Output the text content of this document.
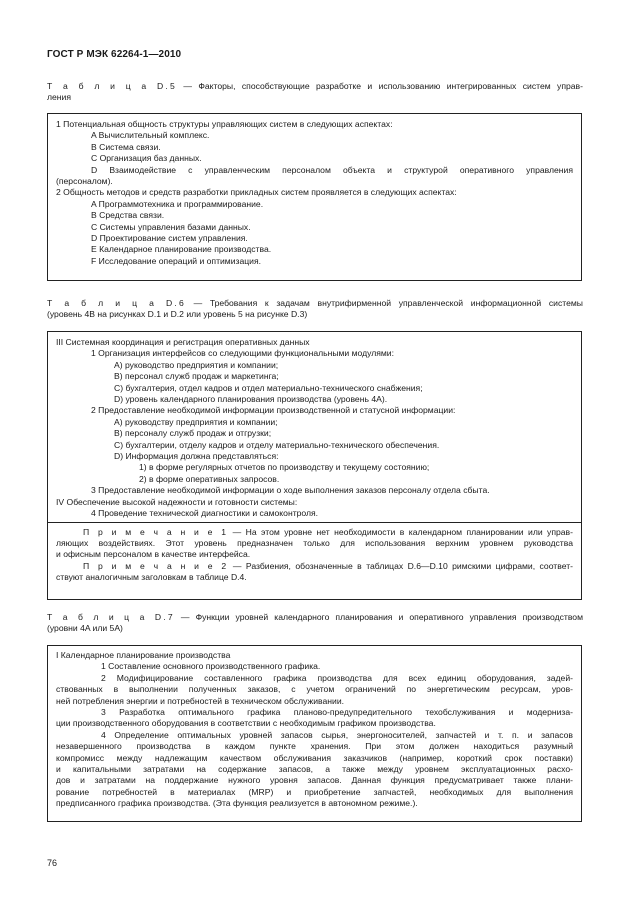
ГОСТ Р МЭК 62264-1—2010
Т а б л и ц а D.5 — Факторы, способствующие разработке и использованию интегрированных систем управ-
ления
1 Потенциальная общность структуры управляющих систем в следующих аспектах:
A Вычислительный комплекс.
B Система связи.
C Организация баз данных.
D Взаимодействие с управленческим персоналом объекта и структурой оперативного управления
(персоналом).
2 Общность методов и средств разработки прикладных систем проявляется в следующих аспектах:
A Программотехника и программирование.
B Средства связи.
C Системы управления базами данных.
D Проектирование систем управления.
E Календарное планирование производства.
F Исследование операций и оптимизация.
Т а б л и ц а D.6 — Требования к задачам внутрифирменной управленческой информационной системы
(уровень 4В на рисунках D.1 и D.2 или уровень 5 на рисунке D.3)
III Системная координация и регистрация оперативных данных
1 Организация интерфейсов со следующими функциональными модулями:
A) руководство предприятия и компании;
B) персонал служб продаж и маркетинга;
C) бухгалтерия, отдел кадров и отдел материально-технического снабжения;
D) уровень календарного планирования производства (уровень 4A).
2 Предоставление необходимой информации производственной и статусной информации:
A) руководству предприятия и компании;
B) персоналу служб продаж и отгрузки;
C) бухгалтерии, отделу кадров и отделу материально-технического обеспечения.
D) Информация должна представляться:
1) в форме регулярных отчетов по производству и текущему состоянию;
2) в форме оперативных запросов.
3 Предоставление необходимой информации о ходе выполнения заказов персоналу отдела сбыта.
IV Обеспечение высокой надежности и готовности системы:
4 Проведение технической диагностики и самоконтроля.
П р и м е ч а н и е 1 — На этом уровне нет необходимости в календарном планировании или управ-
ляющих воздействиях. Этот уровень предназначен только для использования верхним уровнем руководства
и офисным персоналом в качестве интерфейса.
П р и м е ч а н и е 2 — Разбиения, обозначенные в таблицах D.6—D.10 римскими цифрами, соответ-
ствуют аналогичным заголовкам в таблице D.4.
Т а б л и ц а D.7 — Функции уровней календарного планирования и оперативного управления производством
(уровни 4A или 5A)
I Календарное планирование производства
1 Составление основного производственного графика.
2 Модифицирование составленного графика производства для всех единиц оборудования, задей-
ствованных в выполнении полученных заказов, с учетом ограничений по энергетическим ресурсам, уров-
ней потребления энергии и потребностей в техническом обслуживании.
3 Разработка оптимального графика планово-предупредительного техобслуживания и модерниза-
ции производственного оборудования в соответствии с необходимым графиком производства.
4 Определение оптимальных уровней запасов сырья, энергоносителей, запчастей и т. п. и запасов
незавершенного производства в каждом пункте хранения. При этом должен находиться разумный
компромисс между надлежащим качеством обслуживания заказчиков (например, короткий срок поставки)
и капитальными затратами на содержание запасов, а также между уровнем эксплуатационных расхо-
дов и затратами на поддержание нужного уровня запасов. Данная функция предусматривает также плани-
рование потребностей в материалах (MRP) и приобретение запчастей, необходимых для выполнения
предписанного графика производства. (Эта функция реализуется в автономном режиме.).
76
